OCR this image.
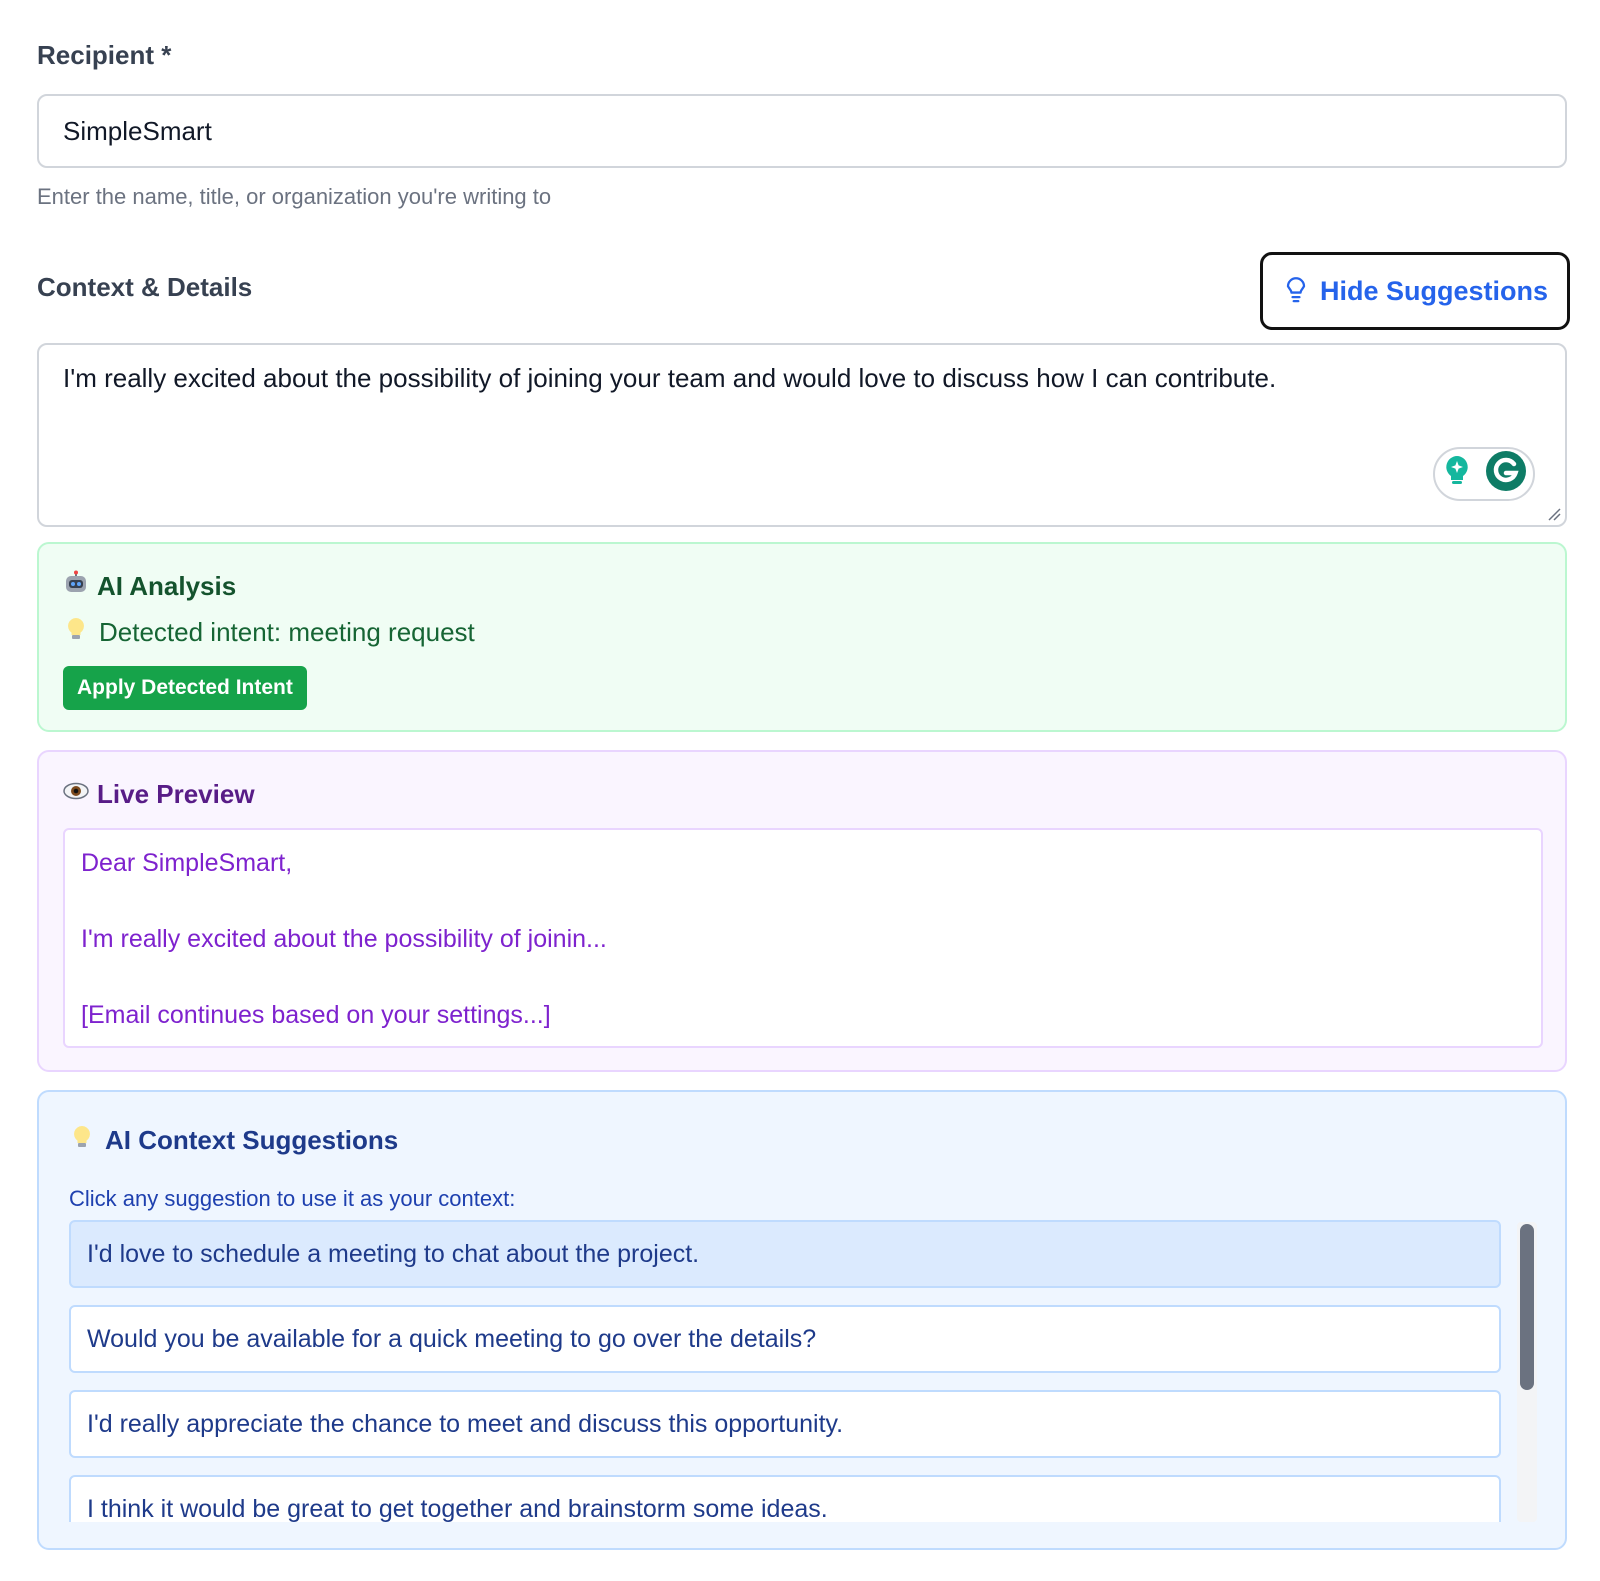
Recipient *
SimpleSmart
Enter the name, title, or organization you're writing to
Context & Details	Hide Suggestions
I'm really excited about the possibility of joining your team and would love to discuss how I can contribute.
AI Analysis
Detected intent: meeting request
Apply Detected Intent
Live Preview
Dear SimpleSmart,
I'm really excited about the possibility of joinin...
[Email continues based on your settings...]
AI Context Suggestions
Click any suggestion to use it as your context:
I'd love to schedule a meeting to chat about the project.
Would you be available for a quick meeting to go over the details?
I'd really appreciate the chance to meet and discuss this opportunity.
I think it would be great to get together and brainstorm some ideas.
